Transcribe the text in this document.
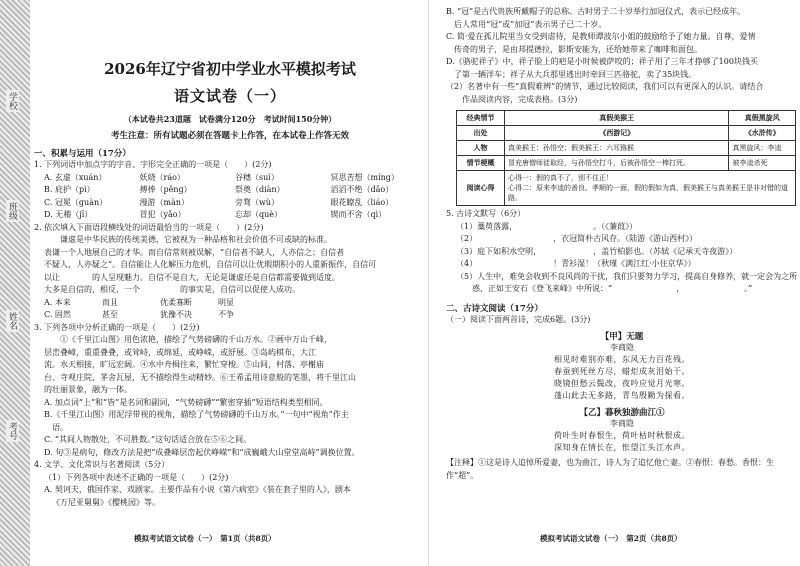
学校
班级
姓名
考号
2026年辽宁省初中学业水平模拟考试
语文试卷（一）
（本试卷共23道题　试卷满分120分　考试时间150分钟）
考生注意：所有试题必须在答题卡上作答，在本试卷上作答无效
一、积累与运用（17分）
1. 下列词语中加点字的字音、字形完全正确的一项是（　　）(2分)
A. 玄虚（xuán）	妖娆（ráo）	谷穗（suì）	冥思苦想（míng）
B. 庇护（pì）	搏捧（pěng）	祭奠（diàn）	滔滔不绝（dǎo）
C. 冠冕（guàn）	漫游（màn）	旁骛（wù）	眼花瞭乱（liáo）
D. 无稽（jī）	冒犯（yǎo）	忘却（què）	锲而不舍（qì）
2. 依次填入下面语段横线处的词语最恰当的一项是（　　）(2分)
　　谦虚是中华民族的传统美德，它被视为一种品格和社会价值不可或缺的标准。
表谦一个人地展自己的才华。而自信常则被误解，“自信者不缺人，人亦信之；自信者
不疑人，人亦疑之”。自信能让人化解压力危机，自信可以让优瑕期积小的人重新振作，自信可
以让　　　　的人呈现魅力。自信不是自大，无论是谦虚还是自信都需要做到适度。
大多是自信的，相反，一个　　　　　的事实是，自信可以促使人成功。
A. 本来	而且	优柔寡断	明显
C. 固然	甚至	犹豫不决	不争
3. 下列各项中分析正确的一项是（　　）(2分)
　　①《千里江山图》用色浓艳，描绘了气势磅礴的千山万水。②画中万山千峰，
层峦叠嶂，重重叠叠，或耸峙，或绵延，或峥嵘，或舒展。③岛屿棋布，大江
流。水天相接，旷远宏阔。④水中舟楫往来，繁忙穿梭。⑤山间，村落、亭榭庙
台、寺观庄院、茅舍瓦屋，无不描绘得生动精妙。⑥王希孟用诗意般的笔墨，将千里江山
的壮丽景象，融为一体。
A. 加点词“上”和“皆”是名词和副词，“气势磅礴”“繁密穿插”短语结构类型相同。
B.《千里江山图》用泥浮带视的视角，描绘了气势磅礴的千山万水。”一句中“视角”作主
　语。
C. “其间人物散处，不可胜数。”这句话适合放在⑤⑥之间。
D. 句③是病句，修改方法是把“成叠峰层峦起伏峥嵘”和“成巍峨大山堂堂高峙”调换位置。
4. 文学、文化常识与名著阅读（5分）
（1）下列各项中表述不正确的一项是（　　）(2分)
A. 契诃夫，俄国作家、戏剧家。主要作品有小说《第六病室》《装在套子里的人》，剧本
《万尼亚舅舅》《樱桃园》等。
模拟考试语文试卷（一）　第1页（共8页）
B. “冠”是古代贵族所戴帽子的总称。古时男子二十岁举行加冠仪式，表示已经成年。
　后人常用“冠”或“加冠”表示男子已二十岁。
C. 简·爱在孤儿院里当女受到虐待，是教师谭波尔小姐的鼓励给予了她力量。自尊，爱情
　传奇的男子，是由邦提德拉，影斯安能为，还给她带来了咖啡和面包。
D.《骆驼祥子》中，祥子脸上的疤是小时候被萨咬的；祥子用了三年才挣够了100块钱买
　了第一辆洋车；祥子从大兵那里逃出时牵回三匹骆驼，卖了35块钱。
（2）名著中有一些“真假难辨”的情节，通过比较阅读，我们可以有更深入的认识。请结合
　　作品阅读内容，完成表格。(3分)
经典情节	真假美猴王	真假黑旋风
出处	《西游记》	《水浒传》
人物	真美猴王：孙悟空；假美猴王：六耳猕猴	真黑旋风：李逵
情节梗概	冒充唐僧师徒取经，与孙悟空打斗，后被孙悟空一棒打死。	被李逵杀死
阅读心得	心得一：假的真不了，别不住正！
心得二：原来李逵的善良、孝顺的一面，假的假如为真，假美猴王与真美猴王是非对错的道路。	
5. 古诗文默写（6分）
（1）藁萸落露，　　　　　　　　　　。（《蒹葭》）
（2）　　　　　　　　　　，衣冠简朴古风存。（陆游《游山西村》）
（3）庭下如积水空明，　　　　　　　，盖竹柏影也。（苏轼《记承天寺夜游》）
（4）　　　　　　　　　　！青衫湿！（秋瑾《满江红·小住京华》）
（5）人生中，难免会收到不良风尚的干扰，我们只要努力学习，提高自身修养，就一定会为之所
　　惑，正如王安石《登飞来峰》中所说：“　　　　　　　　，　　　　　　　　。”
二、古诗文阅读（17分）
（一）阅读下面两首诗，完成6题。(3分)
【甲】无题
李商隐
相见时难别亦难，东风无力百花残。
春蚕到死丝方尽，蜡炬成灰泪始干。
晓镜但愁云鬓改，夜吟应觉月光寒。
蓬山此去无多路，青鸟殷勤为探看。
【乙】暮秋独游曲江①
李商隐
荷叶生时春恨生，荷叶枯时秋恨成。
深知身在情长在，怅望江头江水声。
【注释】①这是诗人追悼所爱妻，也为曲江，诗人为了追忆他亡妻。②春恨：春愁。香恨：生
作“超”。
模拟考试语文试卷（一）　第2页（共8页）
